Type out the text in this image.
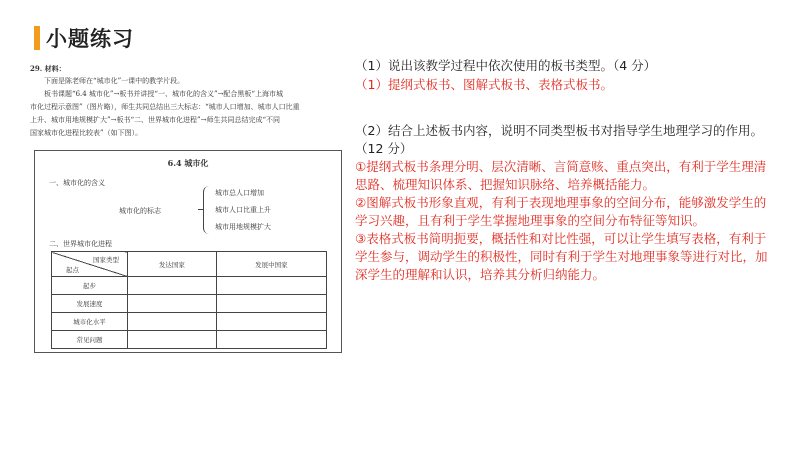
小题练习

29. 材料：

下面是陈老师在“城市化”一课中的教学片段。

板书课题“6.4 城市化”→板书并讲授“一、城市化的含义”→配合黑板“上海市城

市化过程示意图”（图片略），师生共同总结出三大标志：“城市人口增加、城市人口比重

上升、城市用地规模扩大”→板书“二、世界城市化进程”→师生共同总结完成“不同

国家城市化进程比较表”（如下图）。

6.4 城市化
一、城市化的含义
城市化的标志
城市总人口增加
城市人口比重上升
城市用地规模扩大
二、世界城市化进程
国家类型
起点	发达国家	发展中国家
起步		
发展速度		
城市化水平		
常见问题		
（1）说出该教学过程中依次使用的板书类型。（4 分）
（1）提纲式板书、图解式板书、表格式板书。
（2）结合上述板书内容，说明不同类型板书对指导学生地理学习的作用。
（12 分）
①提纲式板书条理分明、层次清晰、言简意赅、重点突出，有利于学生理清
思路、梳理知识体系、把握知识脉络、培养概括能力。
②图解式板书形象直观，有利于表现地理事象的空间分布，能够激发学生的
学习兴趣，且有利于学生掌握地理事象的空间分布特征等知识。
③表格式板书简明扼要，概括性和对比性强，可以让学生填写表格，有利于
学生参与，调动学生的积极性，同时有利于学生对地理事象等进行对比，加
深学生的理解和认识，培养其分析归纳能力。
